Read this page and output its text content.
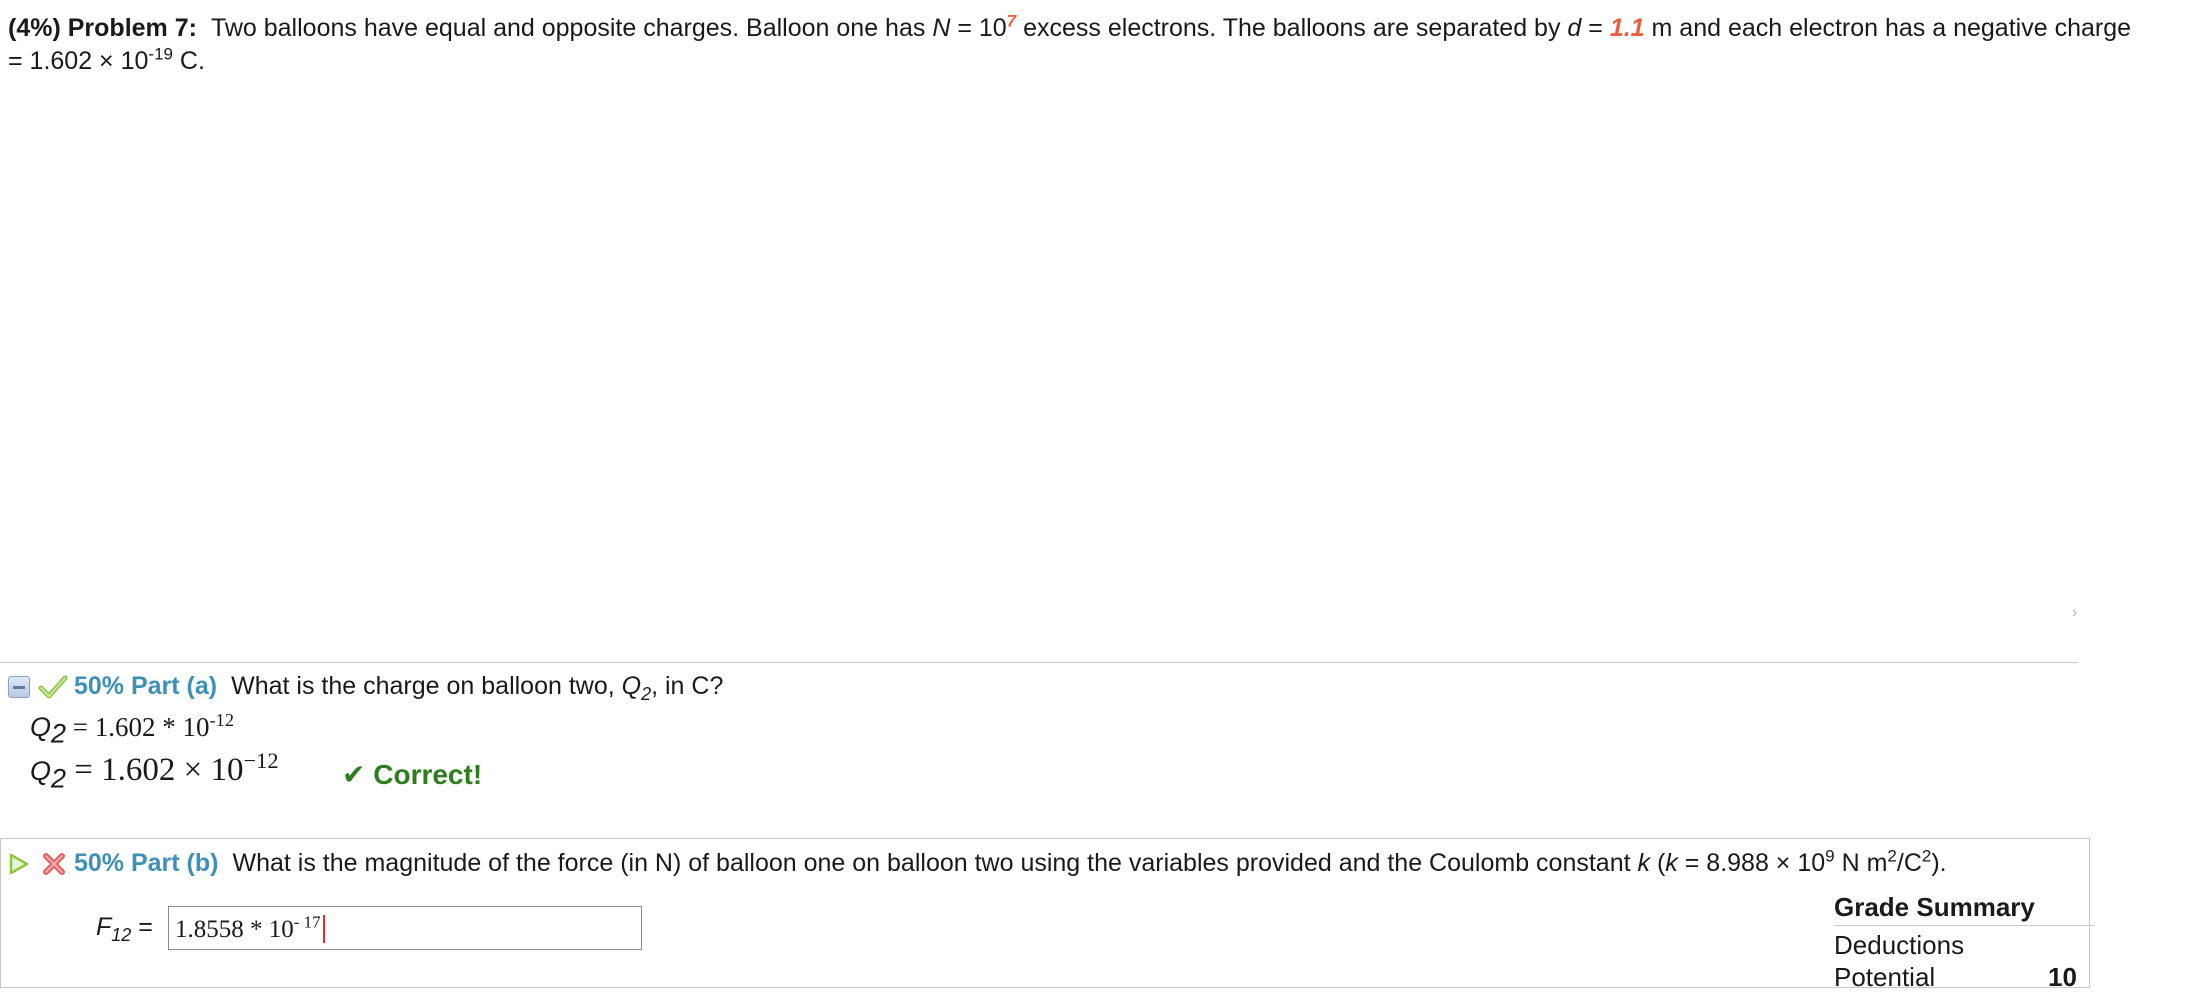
(4%) Problem 7: Two balloons have equal and opposite charges. Balloon one has $N = 10^7$ excess electrons. The balloons are separated by d = 1.1 m and each electron has a negative charge
= $1.602 \times 10^{-19}$ C.
›
50% Part (a) What is the charge on balloon two, $Q_2$, in C?
$Q_2 = 1.602 * 10^{-12}$
$Q_2 = 1.602 \times 10^{-12}$ ✔ Correct!
50% Part (b) What is the magnitude of the force (in N) of balloon one on balloon two using the variables provided and the Coulomb constant k ($k = 8.988 \times 10^9$ N $m^2/C^2$).
$F_{12} = 1.8558 * 10^{- 17}$
Grade Summary
Deductions
Potential	10
